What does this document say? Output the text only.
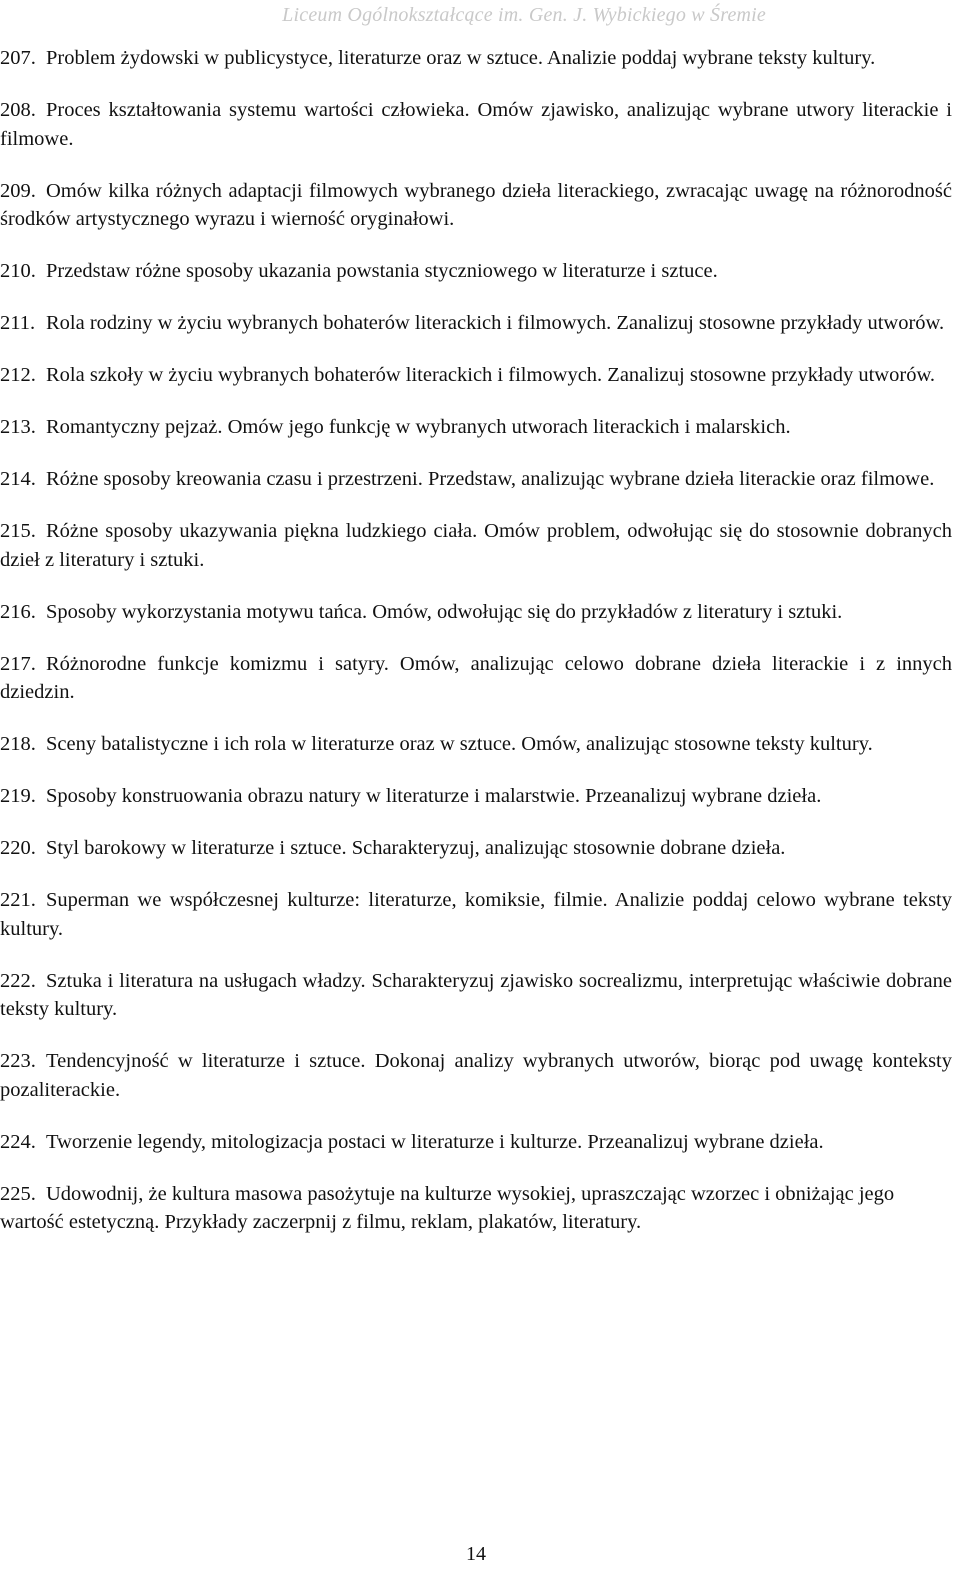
Liceum Ogólnokształcące im. Gen. J. Wybickiego w Śremie
207. Problem żydowski w publicystyce, literaturze oraz w sztuce. Analizie poddaj wybrane teksty kultury.
208. Proces kształtowania systemu wartości człowieka. Omów zjawisko, analizując wybrane utwory literackie i filmowe.
209. Omów kilka różnych adaptacji filmowych wybranego dzieła literackiego, zwracając uwagę na różnorodność środków artystycznego wyrazu i wierność oryginałowi.
210. Przedstaw różne sposoby ukazania powstania styczniowego w literaturze i sztuce.
211. Rola rodziny w życiu wybranych bohaterów literackich i filmowych. Zanalizuj stosowne przykłady utworów.
212. Rola szkoły w życiu wybranych bohaterów literackich i filmowych. Zanalizuj stosowne przykłady utworów.
213. Romantyczny pejzaż. Omów jego funkcję w wybranych utworach literackich i malarskich.
214. Różne sposoby kreowania czasu i przestrzeni. Przedstaw, analizując wybrane dzieła literackie oraz filmowe.
215. Różne sposoby ukazywania piękna ludzkiego ciała. Omów problem, odwołując się do stosownie dobranych dzieł z literatury i sztuki.
216. Sposoby wykorzystania motywu tańca. Omów, odwołując się do przykładów z literatury i sztuki.
217. Różnorodne funkcje komizmu i satyry. Omów, analizując celowo dobrane dzieła literackie i z innych dziedzin.
218. Sceny batalistyczne i ich rola w literaturze oraz w sztuce. Omów, analizując stosowne teksty kultury.
219. Sposoby konstruowania obrazu natury w literaturze i malarstwie. Przeanalizuj wybrane dzieła.
220. Styl barokowy w literaturze i sztuce. Scharakteryzuj, analizując stosownie dobrane dzieła.
221. Superman we współczesnej kulturze: literaturze, komiksie, filmie. Analizie poddaj celowo wybrane teksty kultury.
222. Sztuka i literatura na usługach władzy. Scharakteryzuj zjawisko socrealizmu, interpretując właściwie dobrane teksty kultury.
223. Tendencyjność w literaturze i sztuce. Dokonaj analizy wybranych utworów, biorąc pod uwagę konteksty pozaliterackie.
224. Tworzenie legendy, mitologizacja postaci w literaturze i kulturze. Przeanalizuj wybrane dzieła.
225. Udowodnij, że kultura masowa pasożytuje na kulturze wysokiej, upraszczając wzorzec i obniżając jego wartość estetyczną. Przykłady zaczerpnij z filmu, reklam, plakatów, literatury.
14
